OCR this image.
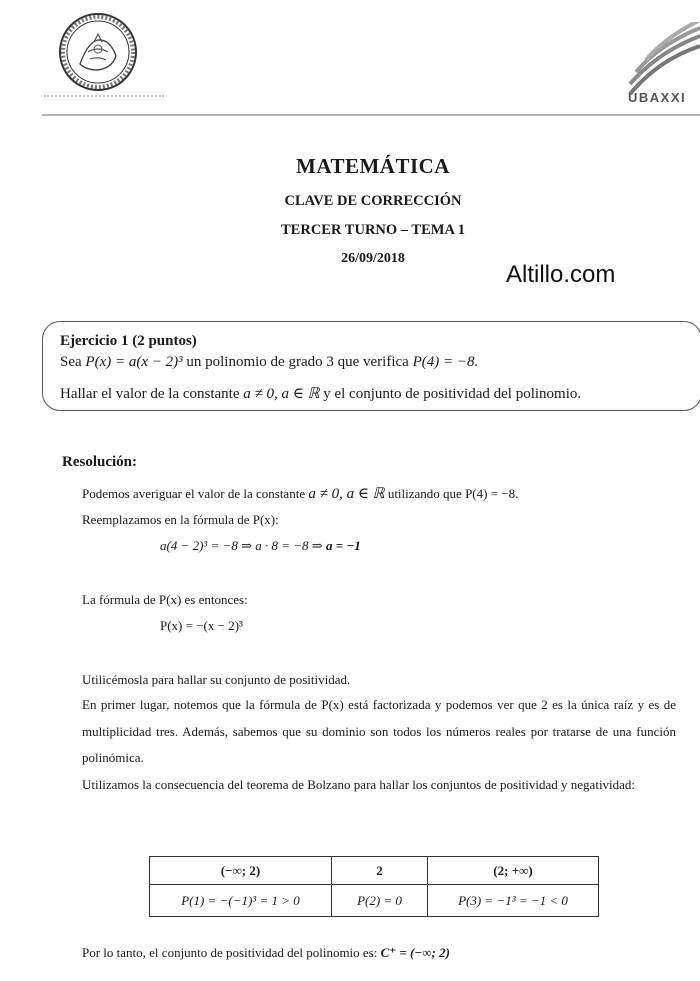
UBAXXI
MATEMÁTICA
CLAVE DE CORRECCIÓN
TERCER TURNO – TEMA 1
26/09/2018
Altillo.com
Ejercicio 1 (2 puntos)
Sea P(x) = a(x − 2)³ un polinomio de grado 3 que verifica P(4) = −8.
Hallar el valor de la constante a ≠ 0, a ∈ ℝ y el conjunto de positividad del polinomio.
Resolución:
Podemos averiguar el valor de la constante a ≠ 0, a ∈ ℝ utilizando que P(4) = −8.
Reemplazamos en la fórmula de P(x):
a(4 − 2)³ = −8 ⇒ a · 8 = −8 ⇒ a = −1
La fórmula de P(x) es entonces:
P(x) = −(x − 2)³
Utilicémosla para hallar su conjunto de positividad.
En primer lugar, notemos que la fórmula de P(x) está factorizada y podemos ver que 2 es la única raíz y es de multiplicidad tres. Además, sabemos que su dominio son todos los números reales por tratarse de una función polinómica.
Utilizamos la consecuencia del teorema de Bolzano para hallar los conjuntos de positividad y negatividad:
(−∞; 2)	2	(2; +∞)
P(1) = −(−1)³ = 1 > 0	P(2) = 0	P(3) = −1³ = −1 < 0
Por lo tanto, el conjunto de positividad del polinomio es: C⁺ = (−∞; 2)
